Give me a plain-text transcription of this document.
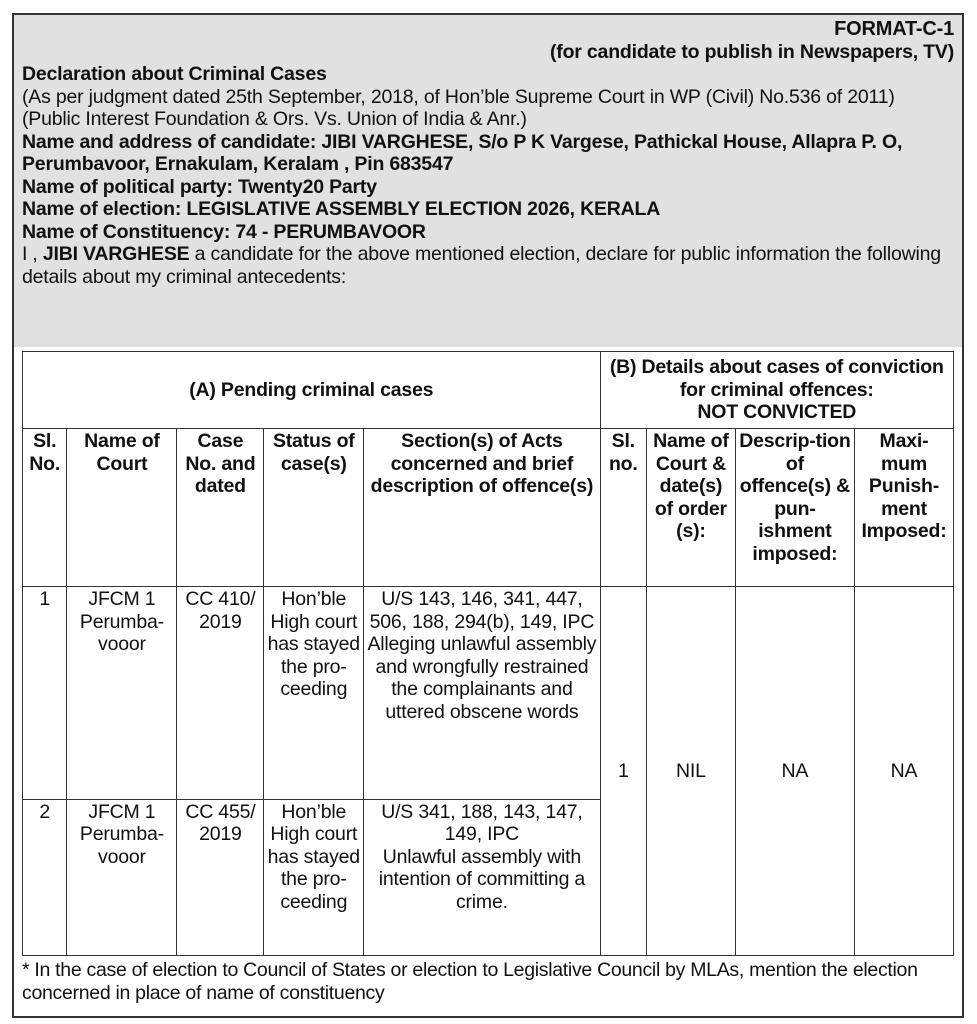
FORMAT-C-1
(for candidate to publish in Newspapers, TV)
Declaration about Criminal Cases

(As per judgment dated 25th September, 2018, of Hon’ble Supreme Court in WP (Civil) No.536 of 2011) (Public Interest Foundation & Ors. Vs. Union of India & Anr.)

Name and address of candidate: JIBI VARGHESE, S/o P K Vargese, Pathickal House, Allapra P. O, Perumbavoor, Ernakulam, Keralam , Pin 683547

Name of political party: Twenty20 Party

Name of election: LEGISLATIVE ASSEMBLY ELECTION 2026, KERALA

Name of Constituency: 74 - PERUMBAVOOR

I , JIBI VARGHESE a candidate for the above mentioned election, declare for public information the following details about my criminal antecedents:

(A) Pending criminal cases					(B) Details about cases of conviction for criminal offences:
NOT CONVICTED			
Sl. No.	Name of Court	Case No. and dated	Status of case(s)	Section(s) of Acts concerned and brief description of offence(s)	Sl. no.	Name of Court & date(s) of order (s):	Descrip-tion of offence(s) & pun-ishment imposed:	Maxi-mum Punish-ment Imposed:
1	JFCM 1 Perumba-vooor	CC 410/ 2019	Hon’ble High court has stayed the pro-ceeding	U/S 143, 146, 341, 447, 506, 188, 294(b), 149, IPC
Alleging unlawful assembly and wrongfully restrained the complainants and uttered obscene words	1	NIL	NA	NA
2	JFCM 1 Perumba-vooor	CC 455/ 2019	Hon’ble High court has stayed the pro-ceeding	U/S 341, 188, 143, 147, 149, IPC
Unlawful assembly with intention of committing a crime.				
* In the case of election to Council of States or election to Legislative Council by MLAs, mention the election concerned in place of name of constituency
